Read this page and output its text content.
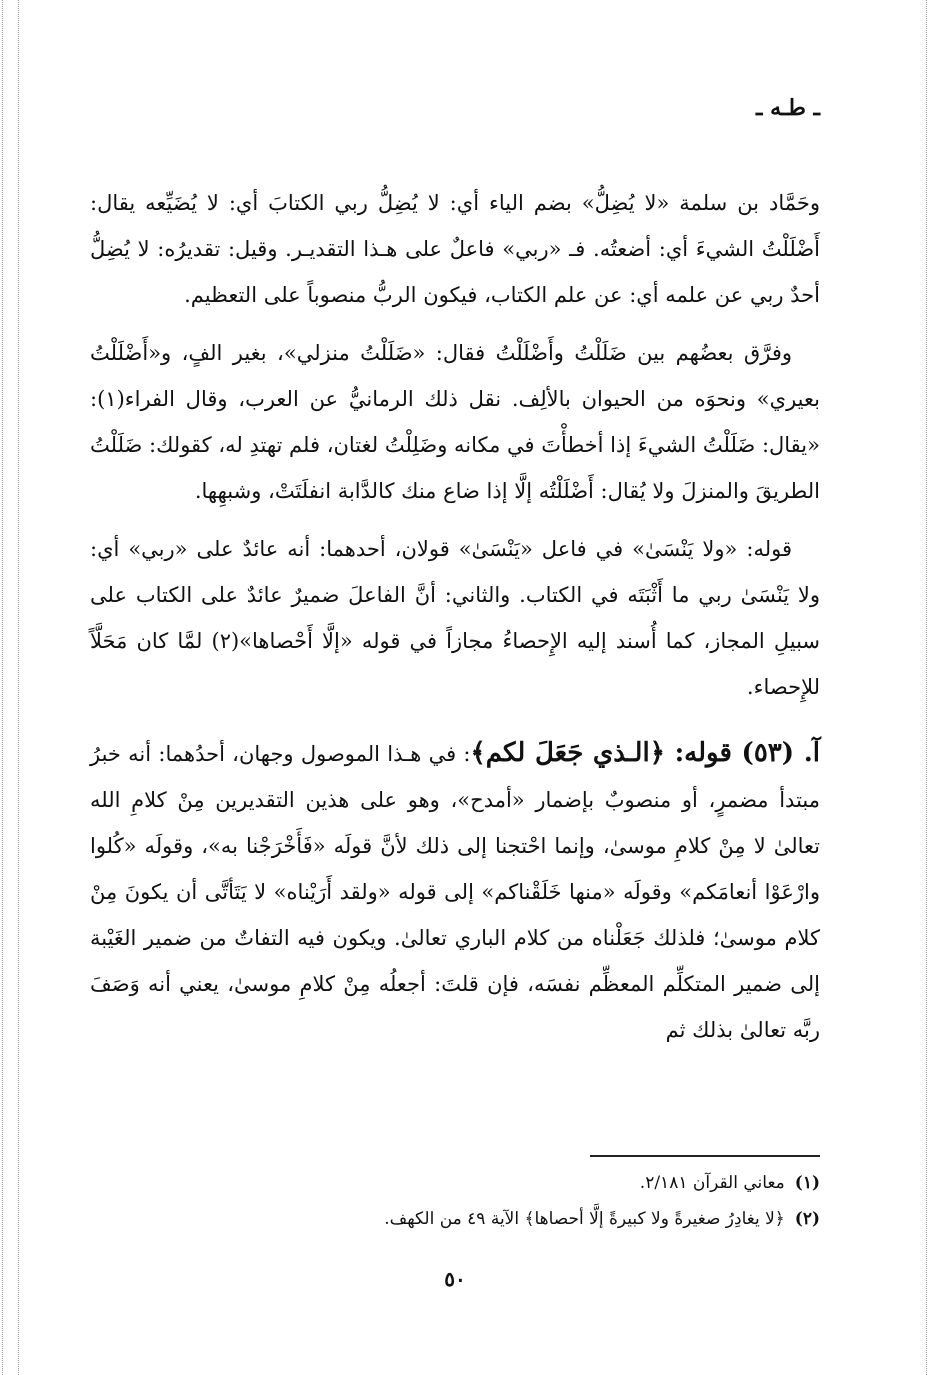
ـ طـه ـ

وحَمَّاد بن سلمة «لا يُضِلُّ» بضم الياء أي: لا يُضِلُّ ربي الكتابَ أي: لا يُضَيِّعه يقال: أَضْلَلْتُ الشيءَ أي: أضعتُه. فـ «ربي» فاعلٌ على هـذا التقديـر. وقيل: تقديرُه: لا يُضِلُّ أحدٌ ربي عن علمه أي: عن علم الكتاب، فيكون الربُّ منصوباً على التعظيم.

وفرَّق بعضُهم بين ضَلَلْتُ وأَضْلَلْتُ فقال: «ضَلَلْتُ منزلي»، بغير الفٍ، و«أَضْلَلْتُ بعيري» ونحوَه من الحيوان بالألِف. نقل ذلك الرمانيُّ عن العرب، وقال الفراء(١): «يقال: ضَلَلْتُ الشيءَ إذا أخطأْتَ في مكانه وضَلِلْتُ لغتان، فلم تهتدِ له، كقولك: ضَلَلْتُ الطريقَ والمنزلَ ولا يُقال: أَضْلَلْتُه إلَّا إذا ضاع منك كالدَّابة انفلَتَتْ، وشبهِها.

قوله: «ولا يَنْسَىٰ» في فاعل «يَنْسَىٰ» قولان، أحدهما: أنه عائدٌ على «ربي» أي: ولا يَنْسَىٰ ربي ما أَثْبَتَه في الكتاب. والثاني: أنَّ الفاعلَ ضميرٌ عائدٌ على الكتاب على سبيلِ المجاز، كما أُسند إليه الإِحصاءُ مجازاً في قوله «إلَّا أَحْصاها»(٢) لمَّا كان مَحَلَّاً للإِحصاء.

آ. (٥٣) قوله: ﴿الـذي جَعَلَ لكم﴾: في هـذا الموصول وجهان، أحدُهما: أنه خبرُ مبتدأ مضمرٍ، أو منصوبٌ بإضمار «أمدح»، وهو على هذين التقديرين مِنْ كلامِ الله تعالىٰ لا مِنْ كلامِ موسىٰ، وإنما احْتجنا إلى ذلك لأنَّ قولَه «فَأَخْرَجْنا به»، وقولَه «كُلوا وارْعَوْا أنعامَكم» وقولَه «منها خَلَقْناكم» إلى قوله «ولقد أَرَيْناه» لا يَتَأتَّى أن يكونَ مِنْ كلام موسىٰ؛ فلذلك جَعَلْناه من كلام الباري تعالىٰ. ويكون فيه التفاتٌ من ضمير الغَيْبة إلى ضمير المتكلِّم المعظِّم نفسَه، فإن قلتَ: أجعلُه مِنْ كلامِ موسىٰ، يعني أنه وَصَفَ ربَّه تعالىٰ بذلك ثم

(١)معاني القرآن ٢/١٨١.

(٢)﴿لا يغادِرُ صغيرةً ولا كبيرةً إلَّا أحصاها﴾ الآية ٤٩ من الكهف.

٥٠
